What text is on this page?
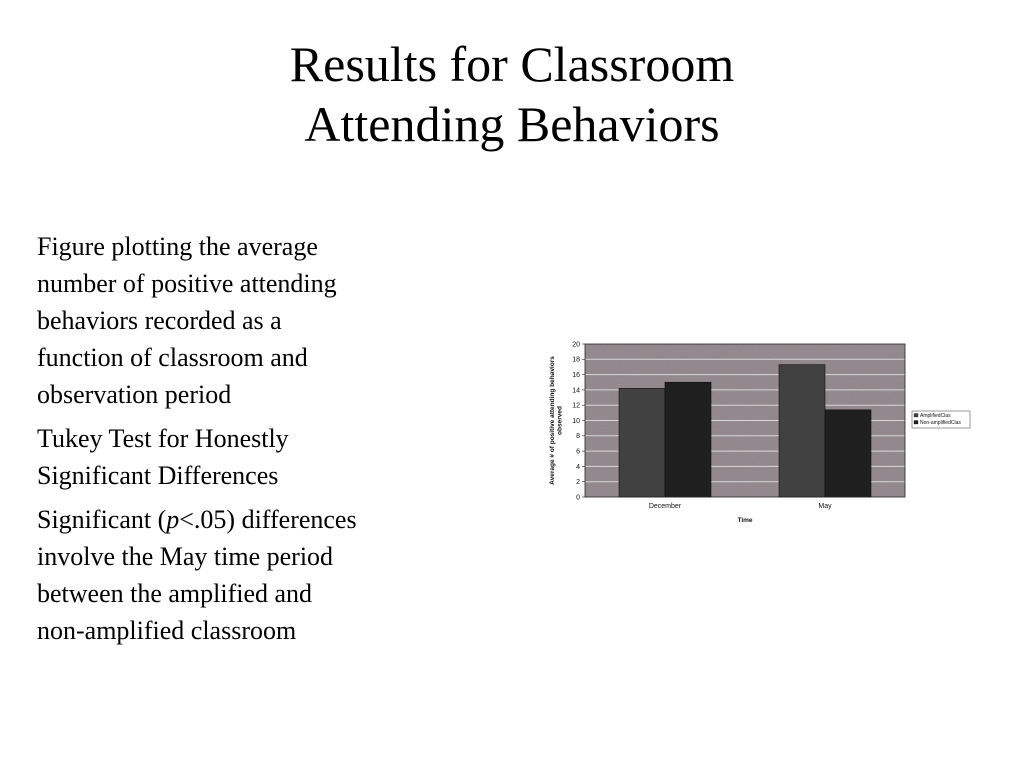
Results for Classroom
Attending Behaviors
Figure plotting the average
number of positive attending
behaviors recorded as a
function of classroom and
observation period
Tukey Test for Honestly
Significant Differences
Significant (p<.05) differences
involve the May time period
between the amplified and
non-amplified classroom
0
2
4
6
8
10
12
14
16
18
20
December	May
Average # of positive attending behaviorsobserved
Time
AmplifiedClas
Non-amplifiedClas
